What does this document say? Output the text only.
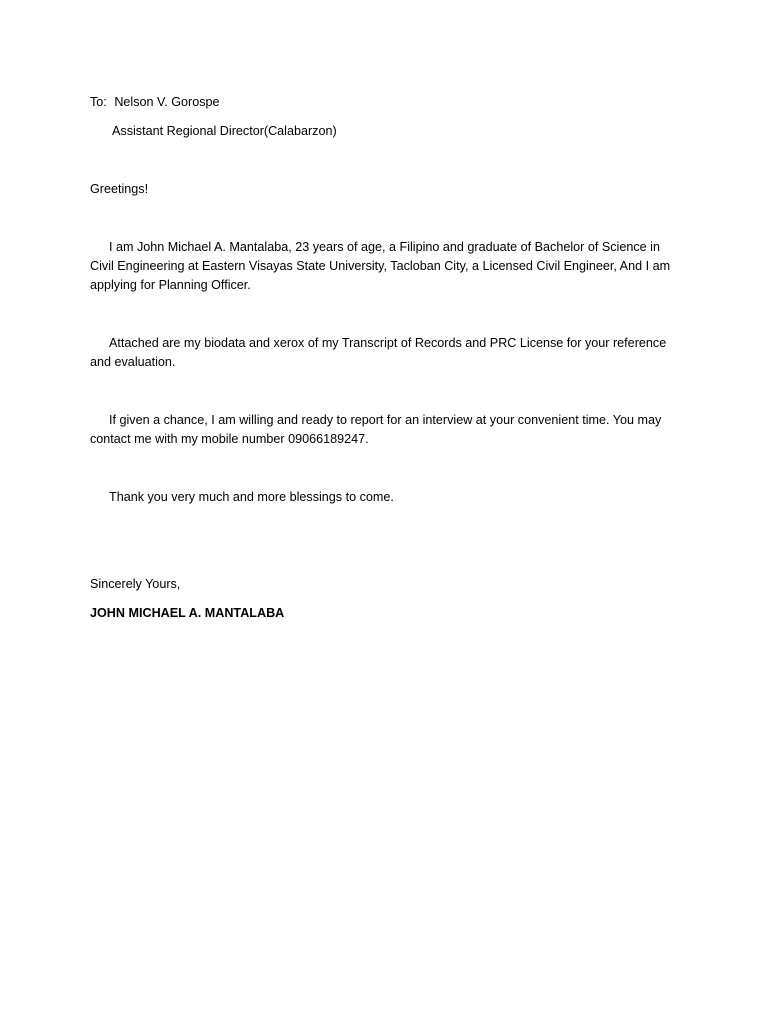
To: Nelson V. Gorospe
Assistant Regional Director(Calabarzon)
Greetings!

I am John Michael A. Mantalaba, 23 years of age, a Filipino and graduate of Bachelor of Science in Civil Engineering at Eastern Visayas State University, Tacloban City, a Licensed Civil Engineer, And I am applying for Planning Officer.

Attached are my biodata and xerox of my Transcript of Records and PRC License for your reference and evaluation.

If given a chance, I am willing and ready to report for an interview at your convenient time. You may contact me with my mobile number 09066189247.

Thank you very much and more blessings to come.

Sincerely Yours,
JOHN MICHAEL A. MANTALABA
